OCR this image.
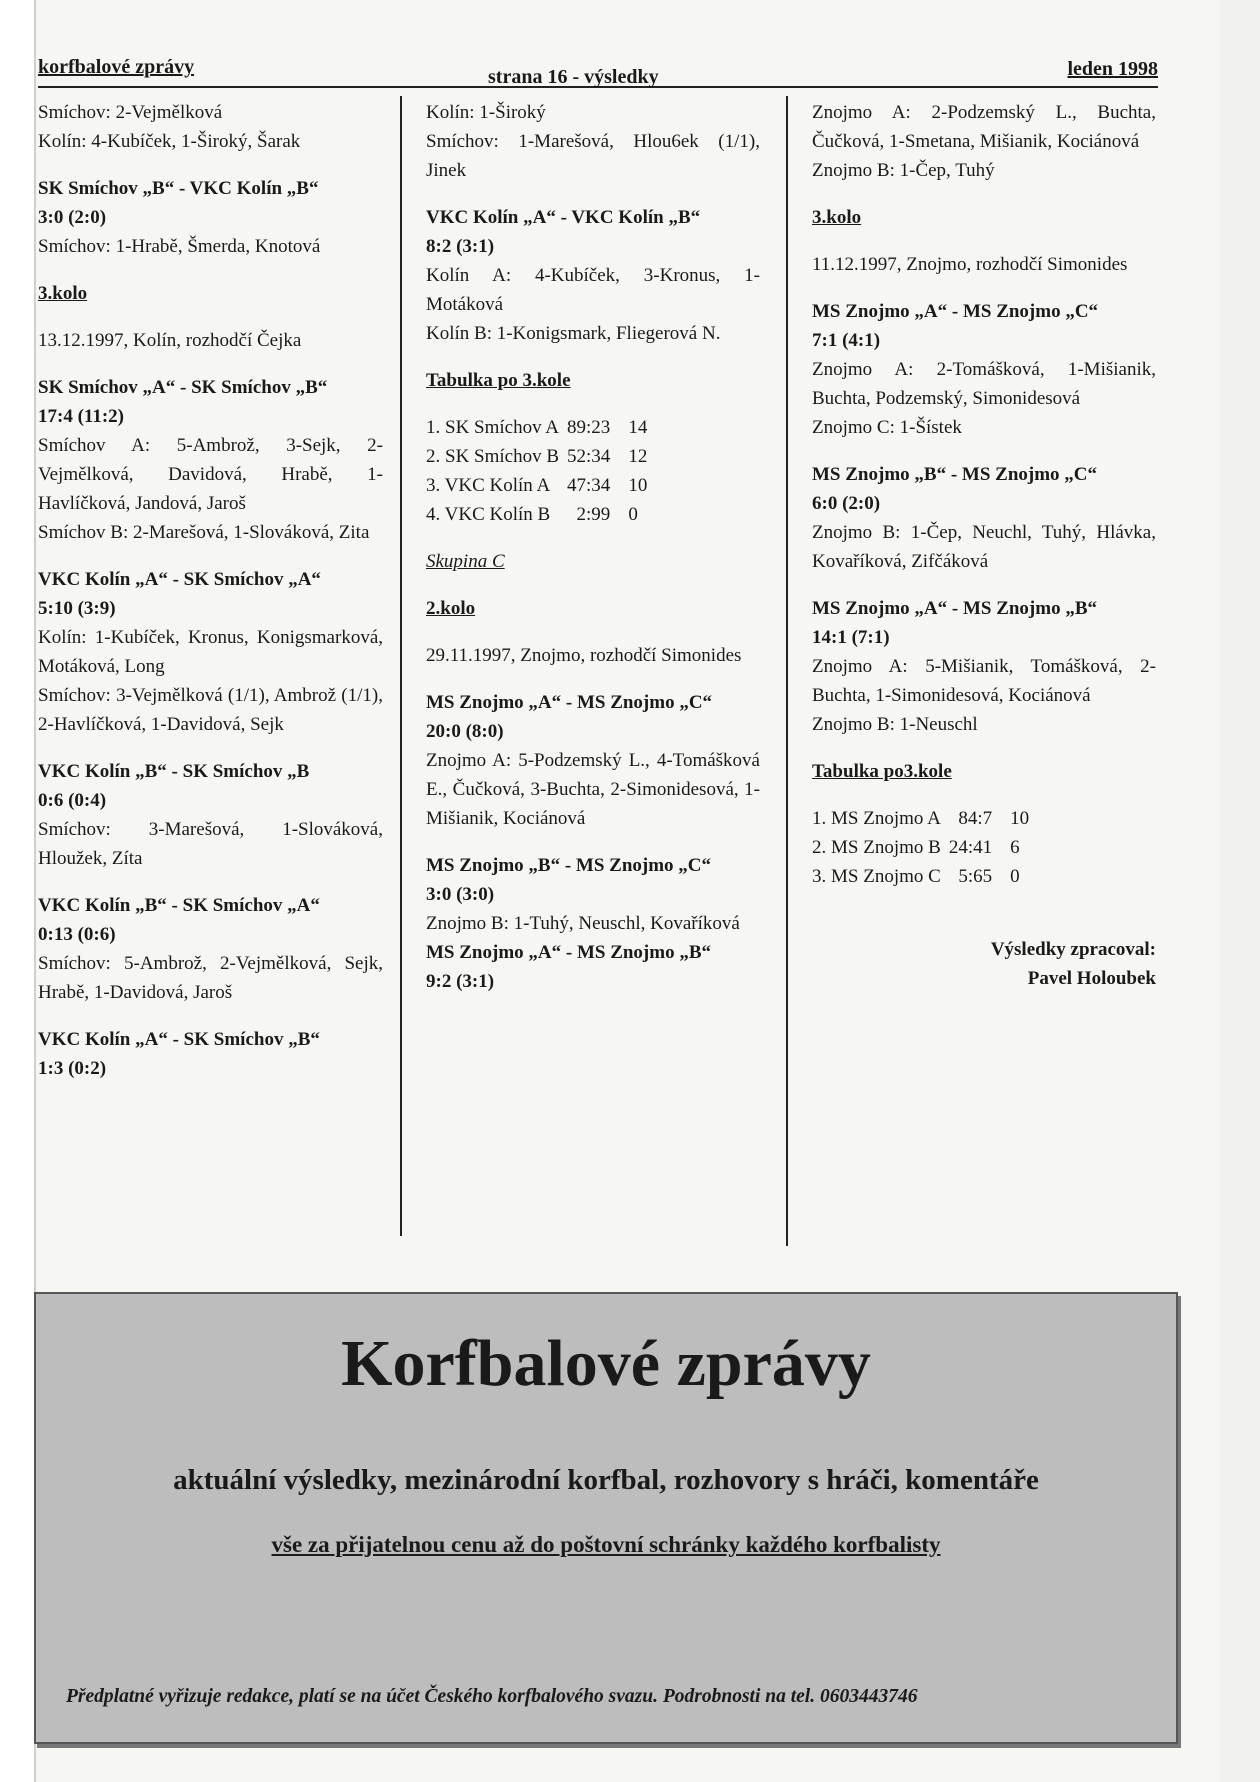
korfbalové zprávy	strana 16 - výsledky	leden 1998

Smíchov: 2-Vejmělková

Kolín: 4-Kubíček, 1-Široký, Šarak

SK Smíchov „B“ - VKC Kolín „B“

3:0 (2:0)

Smíchov: 1-Hrabě, Šmerda, Knotová

3.kolo

13.12.1997, Kolín, rozhodčí Čejka

SK Smíchov „A“ - SK Smíchov „B“

17:4 (11:2)

Smíchov A: 5-Ambrož, 3-Sejk, 2-Vejmělková, Davidová, Hrabě, 1-Havlíčková, Jandová, Jaroš

Smíchov B: 2-Marešová, 1-Slováková, Zita

VKC Kolín „A“ - SK Smíchov „A“

5:10 (3:9)

Kolín: 1-Kubíček, Kronus, Konigsmarková, Motáková, Long

Smíchov: 3-Vejmělková (1/1), Ambrož (1/1), 2-Havlíčková, 1-Davidová, Sejk

VKC Kolín „B“ - SK Smíchov „B

0:6 (0:4)

Smíchov: 3-Marešová, 1-Slováková, Hloužek, Zíta

VKC Kolín „B“ - SK Smíchov „A“

0:13 (0:6)

Smíchov: 5-Ambrož, 2-Vejmělková, Sejk, Hrabě, 1-Davidová, Jaroš

VKC Kolín „A“ - SK Smíchov „B“

1:3 (0:2)

Kolín: 1-Široký

Smíchov: 1-Marešová, Hlou6ek (1/1), Jinek

VKC Kolín „A“ - VKC Kolín „B“

8:2 (3:1)

Kolín A: 4-Kubíček, 3-Kronus, 1-Motáková

Kolín B: 1-Konigsmark, Fliegerová N.

Tabulka po 3.kole

1. SK Smíchov A	89:23	14
2. SK Smíchov B	52:34	12
3. VKC Kolín A	47:34	10
4. VKC Kolín B	2:99	0

Skupina C

2.kolo

29.11.1997, Znojmo, rozhodčí Simonides

MS Znojmo „A“ - MS Znojmo „C“

20:0 (8:0)

Znojmo A: 5-Podzemský L., 4-Tomášková E., Čučková, 3-Buchta, 2-Simonidesová, 1-Mišianik, Kociánová

MS Znojmo „B“ - MS Znojmo „C“

3:0 (3:0)

Znojmo B: 1-Tuhý, Neuschl, Kovaříková

MS Znojmo „A“ - MS Znojmo „B“

9:2 (3:1)

Znojmo A: 2-Podzemský L., Buchta, Čučková, 1-Smetana, Mišianik, Kociánová

Znojmo B: 1-Čep, Tuhý

3.kolo

11.12.1997, Znojmo, rozhodčí Simonides

MS Znojmo „A“ - MS Znojmo „C“

7:1 (4:1)

Znojmo A: 2-Tomášková, 1-Mišianik, Buchta, Podzemský, Simonidesová

Znojmo C: 1-Šístek

MS Znojmo „B“ - MS Znojmo „C“

6:0 (2:0)

Znojmo B: 1-Čep, Neuchl, Tuhý, Hlávka, Kovaříková, Zifčáková

MS Znojmo „A“ - MS Znojmo „B“

14:1 (7:1)

Znojmo A: 5-Mišianik, Tomášková, 2-Buchta, 1-Simonidesová, Kociánová

Znojmo B: 1-Neuschl

Tabulka po3.kole

1. MS Znojmo A	84:7	10
2. MS Znojmo B	24:41	6
3. MS Znojmo C	5:65	0
Výsledky zpracoval:
Pavel Holoubek
Korfbalové zprávy
aktuální výsledky, mezinárodní korfbal, rozhovory s hráči, komentáře
vše za přijatelnou cenu až do poštovní schránky každého korfbalisty
Předplatné vyřizuje redakce, platí se na účet Českého korfbalového svazu. Podrobnosti na tel. 0603443746
